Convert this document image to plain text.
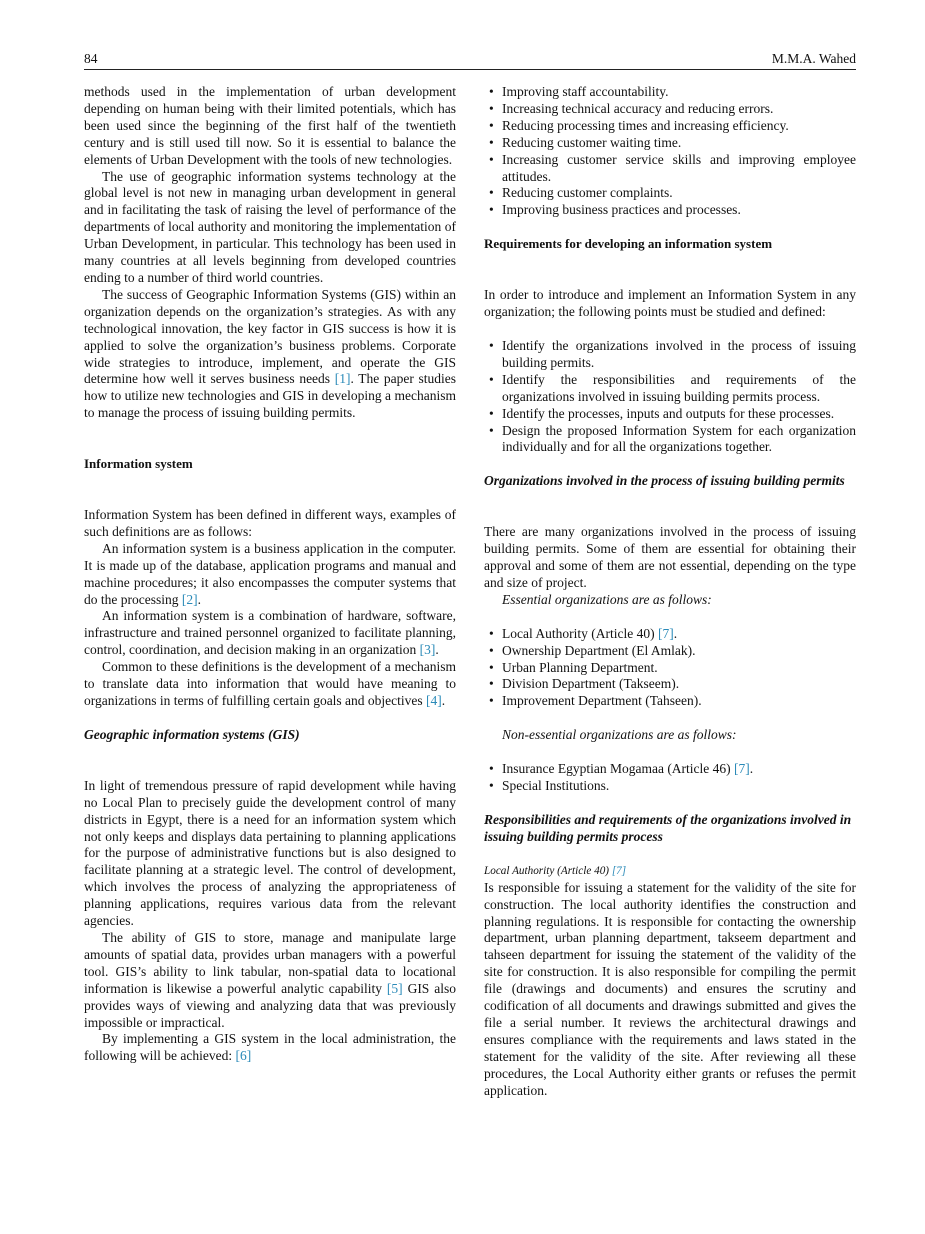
84	M.M.A. Wahed

methods used in the implementation of urban development depending on human being with their limited potentials, which has been used since the beginning of the first half of the twentieth century and is still used till now. So it is essential to balance the elements of Urban Development with the tools of new technologies.

The use of geographic information systems technology at the global level is not new in managing urban development in general and in facilitating the task of raising the level of performance of the departments of local authority and monitoring the implementation of Urban Development, in particular. This technology has been used in many countries at all levels beginning from developed countries ending to a number of third world countries.

The success of Geographic Information Systems (GIS) within an organization depends on the organization’s strategies. As with any technological innovation, the key factor in GIS success is how it is applied to solve the organization’s business problems. Corporate wide strategies to introduce, implement, and operate the GIS determine how well it serves business needs [1]. The paper studies how to utilize new technologies and GIS in developing a mechanism to manage the process of issuing building permits.

Information system

Information System has been defined in different ways, examples of such definitions are as follows:

An information system is a business application in the computer. It is made up of the database, application programs and manual and machine procedures; it also encompasses the computer systems that do the processing [2].

An information system is a combination of hardware, software, infrastructure and trained personnel organized to facilitate planning, control, coordination, and decision making in an organization [3].

Common to these definitions is the development of a mechanism to translate data into information that would have meaning to organizations in terms of fulfilling certain goals and objectives [4].

Geographic information systems (GIS)

In light of tremendous pressure of rapid development while having no Local Plan to precisely guide the development control of many districts in Egypt, there is a need for an information system which not only keeps and displays data pertaining to planning applications for the purpose of administrative functions but is also designed to facilitate planning at a strategic level. The control of development, which involves the process of analyzing the appropriateness of planning applications, requires various data from the relevant agencies.

The ability of GIS to store, manage and manipulate large amounts of spatial data, provides urban managers with a powerful tool. GIS’s ability to link tabular, non-spatial data to locational information is likewise a powerful analytic capability [5] GIS also provides ways of viewing and analyzing data that was previously impossible or impractical.

By implementing a GIS system in the local administration, the following will be achieved: [6]

• Improving staff accountability.
• Increasing technical accuracy and reducing errors.
• Reducing processing times and increasing efficiency.
• Reducing customer waiting time.
• Increasing customer service skills and improving employee attitudes.
• Reducing customer complaints.
• Improving business practices and processes.
Requirements for developing an information system

In order to introduce and implement an Information System in any organization; the following points must be studied and defined:

• Identify the organizations involved in the process of issuing building permits.
• Identify the responsibilities and requirements of the organizations involved in issuing building permits process.
• Identify the processes, inputs and outputs for these processes.
• Design the proposed Information System for each organization individually and for all the organizations together.
Organizations involved in the process of issuing building permits

There are many organizations involved in the process of issuing building permits. Some of them are essential for obtaining their approval and some of them are not essential, depending on the type and size of project.

Essential organizations are as follows:

• Local Authority (Article 40) [7].
• Ownership Department (El Amlak).
• Urban Planning Department.
• Division Department (Takseem).
• Improvement Department (Tahseen).

Non-essential organizations are as follows:

• Insurance Egyptian Mogamaa (Article 46) [7].
• Special Institutions.
Responsibilities and requirements of the organizations involved in issuing building permits process
Local Authority (Article 40) [7]

Is responsible for issuing a statement for the validity of the site for construction. The local authority identifies the construction and planning regulations. It is responsible for contacting the ownership department, urban planning department, takseem department and tahseen department for issuing the statement of the validity of the site for construction. It is also responsible for compiling the permit file (drawings and documents) and ensures the scrutiny and codification of all documents and drawings submitted and gives the file a serial number. It reviews the architectural drawings and ensures compliance with the requirements and laws stated in the statement for the validity of the site. After reviewing all these procedures, the Local Authority either grants or refuses the permit application.
